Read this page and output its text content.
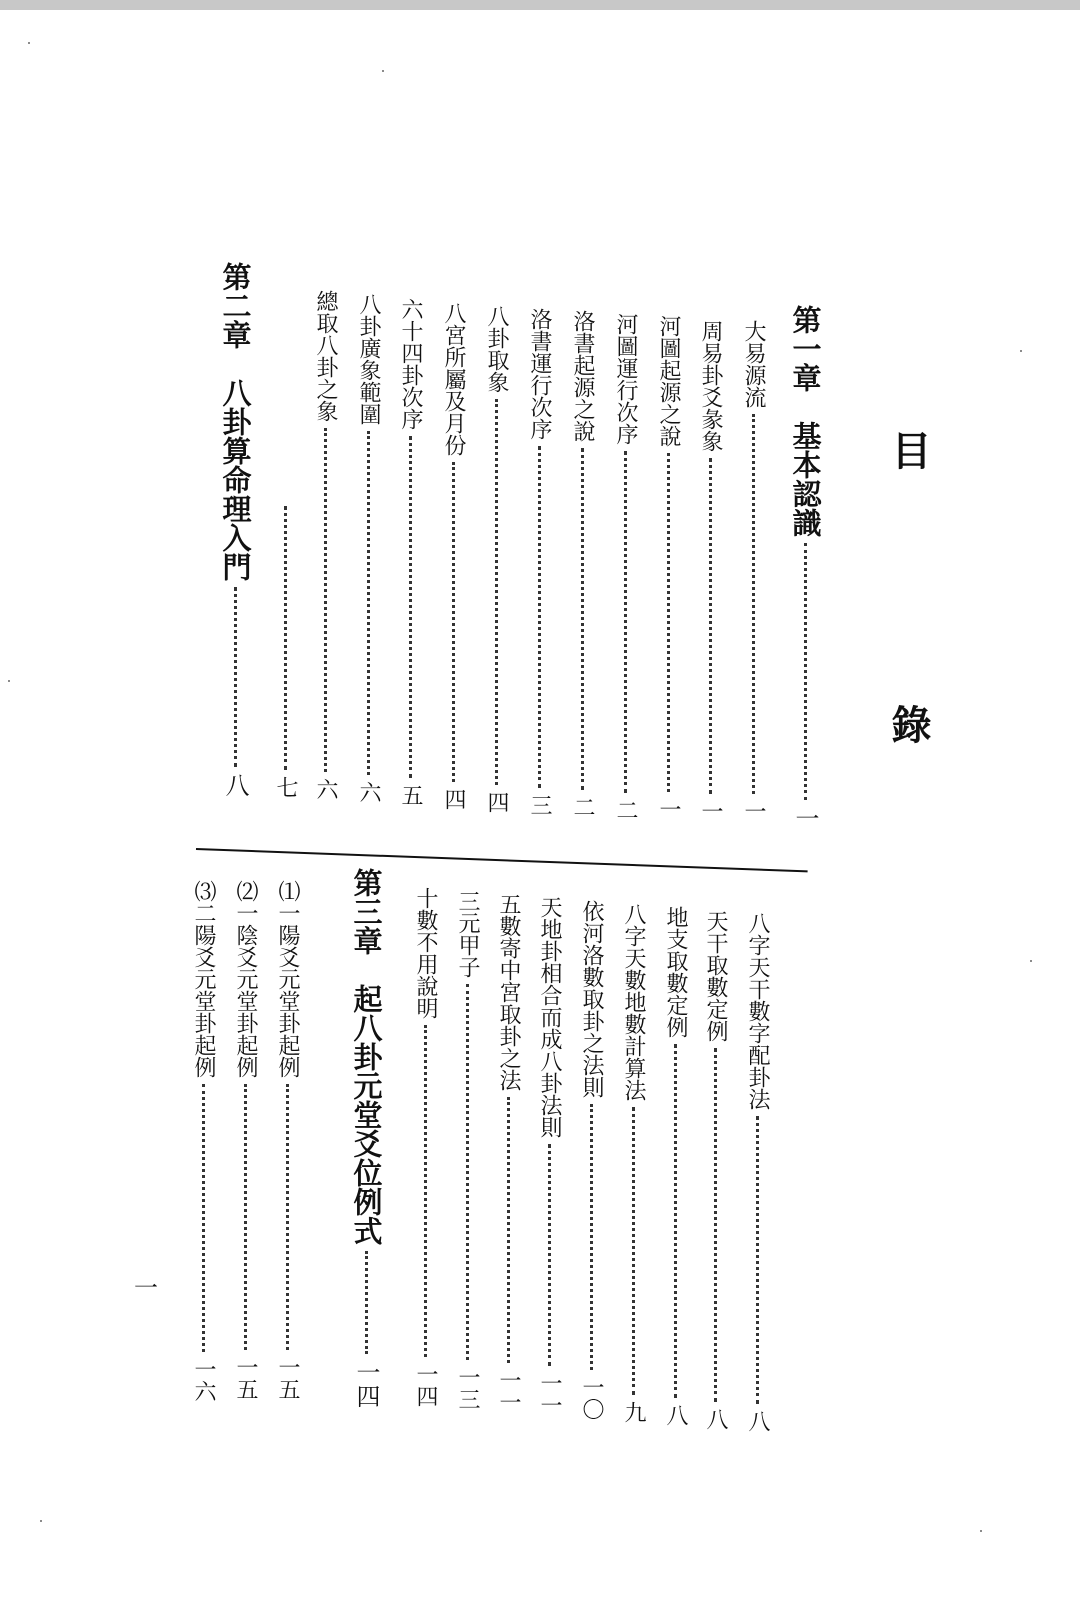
目 錄
第一章　基本認識
一
大易源流
一
周易卦爻彖象
一
河圖起源之說
一
河圖運行次序
二
洛書起源之說
二
洛書運行次序
三
八卦取象
四
八宮所屬及月份
四
六十四卦次序
五
八卦廣象範圍
六
總取八卦之象
六
七
第二章　八卦算命理入門
八
八字天干數字配卦法
八
天干取數定例
八
地支取數定例
八
八字天數地數計算法
九
依河洛數取卦之法則
一〇
天地卦相合而成八卦法則
一一
五數寄中宮取卦之法
一一
三元甲子
一三
十數不用說明
一四
第三章　起八卦元堂爻位例式
一四
⑴一陽爻元堂卦起例
一五
⑵一陰爻元堂卦起例
一五
⑶二陽爻元堂卦起例
一六
一
